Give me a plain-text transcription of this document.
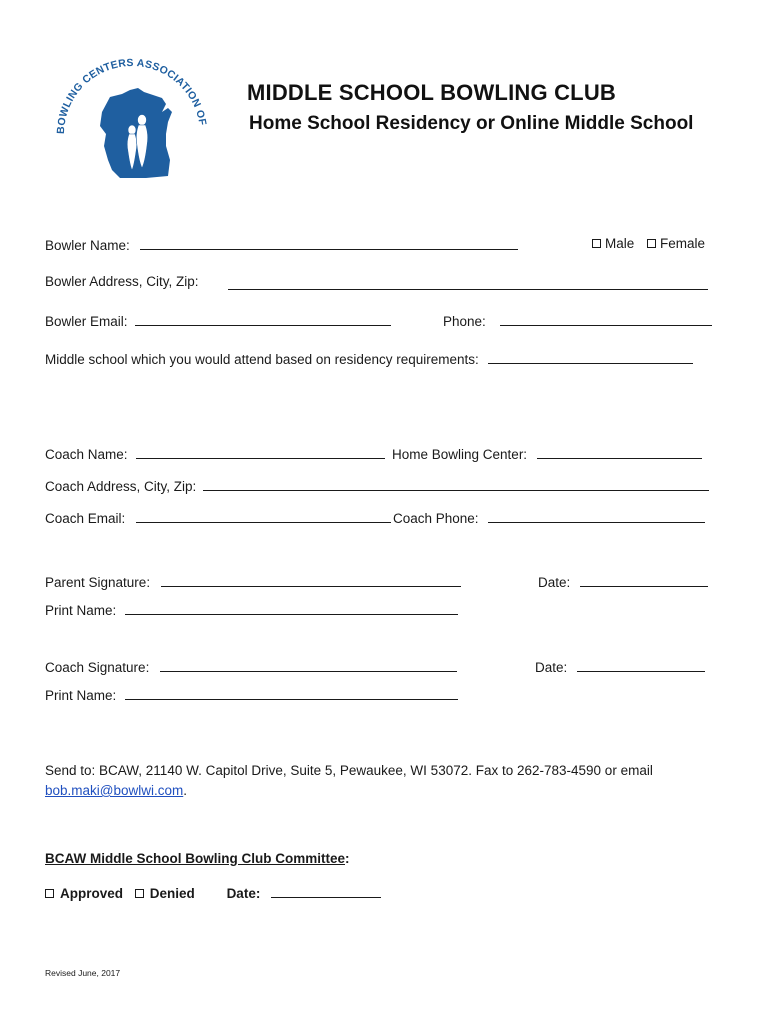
BOWLING CENTERS ASSOCIATION OF
MIDDLE SCHOOL BOWLING CLUB
Home School Residency or Online Middle School
Bowler Name:	Male Female
Bowler Address, City, Zip:
Bowler Email:	Phone:
Middle school which you would attend based on residency requirements:
Coach Name:	Home Bowling Center:
Coach Address, City, Zip:
Coach Email:	Coach Phone:
Parent Signature:	Date:
Print Name:
Coach Signature:	Date:
Print Name:
Send to: BCAW, 21140 W. Capitol Drive, Suite 5, Pewaukee, WI 53072. Fax to 262-783-4590 or email
bob.maki@bowlwi.com.
BCAW Middle School Bowling Club Committee:
Approved Denied Date:
Revised June, 2017
